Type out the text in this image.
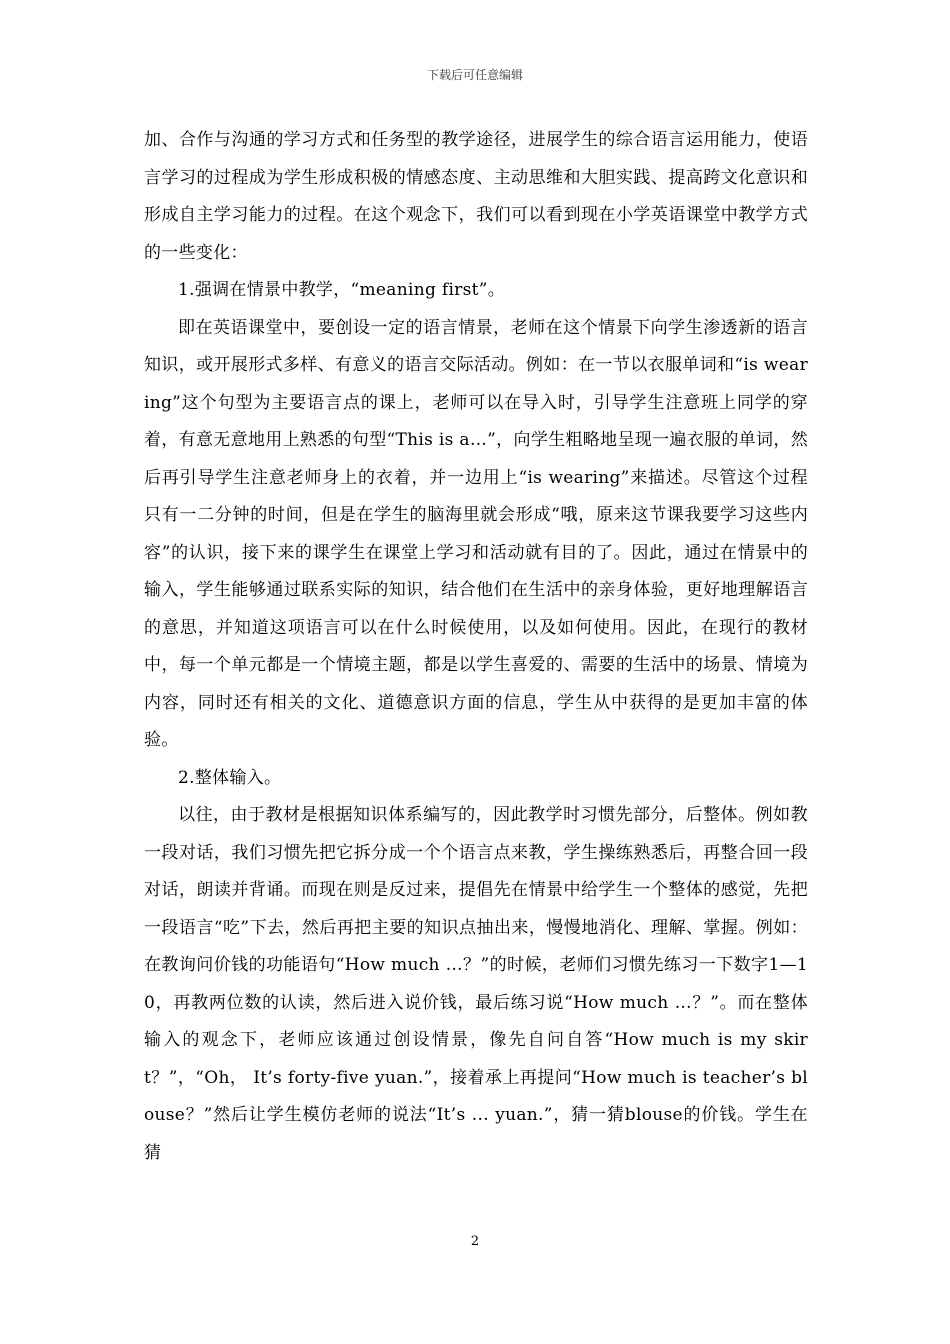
下载后可任意编辑

加、合作与沟通的学习方式和任务型的教学途径，进展学生的综合语言运用能力，使语言学习的过程成为学生形成积极的情感态度、主动思维和大胆实践、提高跨文化意识和形成自主学习能力的过程。在这个观念下，我们可以看到现在小学英语课堂中教学方式的一些变化：

1.强调在情景中教学，“meaning first”。

即在英语课堂中，要创设一定的语言情景，老师在这个情景下向学生渗透新的语言知识，或开展形式多样、有意义的语言交际活动。例如：在一节以衣服单词和“is wearing”这个句型为主要语言点的课上，老师可以在导入时，引导学生注意班上同学的穿着，有意无意地用上熟悉的句型“This is a…”，向学生粗略地呈现一遍衣服的单词，然后再引导学生注意老师身上的衣着，并一边用上“is wearing”来描述。尽管这个过程只有一二分钟的时间，但是在学生的脑海里就会形成“哦，原来这节课我要学习这些内容”的认识，接下来的课学生在课堂上学习和活动就有目的了。因此，通过在情景中的输入，学生能够通过联系实际的知识，结合他们在生活中的亲身体验，更好地理解语言的意思，并知道这项语言可以在什么时候使用，以及如何使用。因此，在现行的教材中，每一个单元都是一个情境主题，都是以学生喜爱的、需要的生活中的场景、情境为内容，同时还有相关的文化、道德意识方面的信息，学生从中获得的是更加丰富的体验。

2.整体输入。

以往，由于教材是根据知识体系编写的，因此教学时习惯先部分，后整体。例如教一段对话，我们习惯先把它拆分成一个个语言点来教，学生操练熟悉后，再整合回一段对话，朗读并背诵。而现在则是反过来，提倡先在情景中给学生一个整体的感觉，先把一段语言“吃”下去，然后再把主要的知识点抽出来，慢慢地消化、理解、掌握。例如：在教询问价钱的功能语句“How much …？”的时候，老师们习惯先练习一下数字1—10，再教两位数的认读，然后进入说价钱，最后练习说“How much …？”。而在整体输入的观念下，老师应该通过创设情景，像先自问自答“How much is my skirt？”，“Oh， It’s forty-five yuan.”，接着承上再提问“How much is teacher’s blouse？”然后让学生模仿老师的说法“It’s ... yuan.”，猜一猜blouse的价钱。学生在猜

2
